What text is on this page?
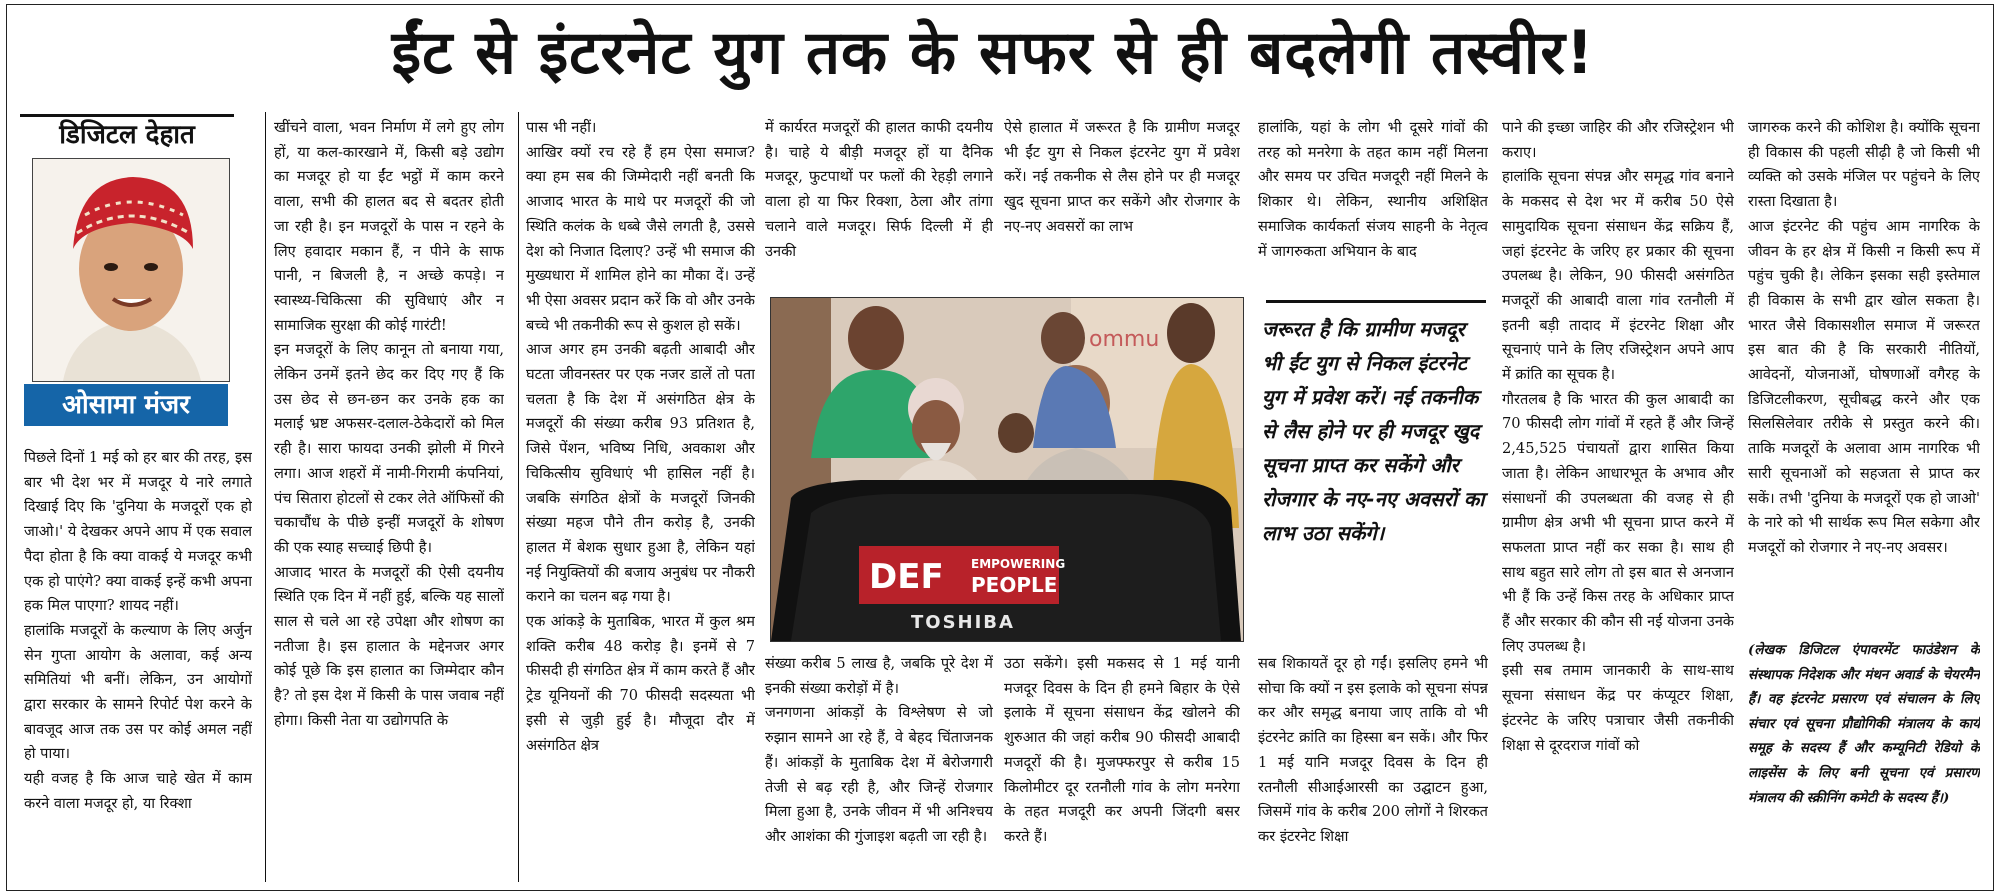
ईंट से इंटरनेट युग तक के सफर से ही बदलेगी तस्वीर!
डिजिटल देहात
ओसामा मंजर
पिछले दिनों 1 मई को हर बार की तरह, इस बार भी देश भर में मजदूर ये नारे लगाते दिखाई दिए कि 'दुनिया के मजदूरों एक हो जाओ।' ये देखकर अपने आप में एक सवाल पैदा होता है कि क्या वाकई ये मजदूर कभी एक हो पाएंगे? क्या वाकई इन्हें कभी अपना हक मिल पाएगा? शायद नहीं।
हालांकि मजदूरों के कल्याण के लिए अर्जुन सेन गुप्ता आयोग के अलावा, कई अन्य समितियां भी बनीं। लेकिन, उन आयोगों द्वारा सरकार के सामने रिपोर्ट पेश करने के बावजूद आज तक उस पर कोई अमल नहीं हो पाया।
यही वजह है कि आज चाहे खेत में काम करने वाला मजदूर हो, या रिक्शा
खींचने वाला, भवन निर्माण में लगे हुए लोग हों, या कल-कारखाने में, किसी बड़े उद्योग का मजदूर हो या ईंट भट्ठों में काम करने वाला, सभी की हालत बद से बदतर होती जा रही है। इन मजदूरों के पास न रहने के लिए हवादार मकान हैं, न पीने के साफ पानी, न बिजली है, न अच्छे कपड़े। न स्वास्थ्य-चिकित्सा की सुविधाएं और न सामाजिक सुरक्षा की कोई गारंटी!
इन मजदूरों के लिए कानून तो बनाया गया, लेकिन उनमें इतने छेद कर दिए गए हैं कि उस छेद से छन-छन कर उनके हक का मलाई भ्रष्ट अफसर-दलाल-ठेकेदारों को मिल रही है। सारा फायदा उनकी झोली में गिरने लगा। आज शहरों में नामी-गिरामी कंपनियां, पंच सितारा होटलों से टकर लेते ऑफिसों की चकाचौंध के पीछे इन्हीं मजदूरों के शोषण की एक स्याह सच्चाई छिपी है।
आजाद भारत के मजदूरों की ऐसी दयनीय स्थिति एक दिन में नहीं हुई, बल्कि यह सालों साल से चले आ रहे उपेक्षा और शोषण का नतीजा है। इस हालात के मद्देनजर अगर कोई पूछे कि इस हालात का जिम्मेदार कौन है? तो इस देश में किसी के पास जवाब नहीं होगा। किसी नेता या उद्योगपति के
पास भी नहीं।
आखिर क्यों रच रहे हैं हम ऐसा समाज? क्या हम सब की जिम्मेदारी नहीं बनती कि आजाद भारत के माथे पर मजदूरों की जो स्थिति कलंक के धब्बे जैसे लगती है, उससे देश को निजात दिलाए? उन्हें भी समाज की मुख्यधारा में शामिल होने का मौका दें। उन्हें भी ऐसा अवसर प्रदान करें कि वो और उनके बच्चे भी तकनीकी रूप से कुशल हो सकें।
आज अगर हम उनकी बढ़ती आबादी और घटता जीवनस्तर पर एक नजर डालें तो पता चलता है कि देश में असंगठित क्षेत्र के मजदूरों की संख्या करीब 93 प्रतिशत है, जिसे पेंशन, भविष्य निधि, अवकाश और चिकित्सीय सुविधाएं भी हासिल नहीं है। जबकि संगठित क्षेत्रों के मजदूरों जिनकी संख्या महज पौने तीन करोड़ है, उनकी हालत में बेशक सुधार हुआ है, लेकिन यहां नई नियुक्तियों की बजाय अनुबंध पर नौकरी कराने का चलन बढ़ गया है।
एक आंकड़े के मुताबिक, भारत में कुल श्रम शक्ति करीब 48 करोड़ है। इनमें से 7 फीसदी ही संगठित क्षेत्र में काम करते हैं और ट्रेड यूनियनों की 70 फीसदी सदस्यता भी इसी से जुड़ी हुई है। मौजूदा दौर में असंगठित क्षेत्र
में कार्यरत मजदूरों की हालत काफी दयनीय है। चाहे ये बीड़ी मजदूर हों या दैनिक मजदूर, फुटपाथों पर फलों की रेहड़ी लगाने वाला हो या फिर रिक्शा, ठेला और तांगा चलाने वाले मजदूर। सिर्फ दिल्ली में ही उनकी
संख्या करीब 5 लाख है, जबकि पूरे देश में इनकी संख्या करोड़ों में है।
जनगणना आंकड़ों के विश्लेषण से जो रुझान सामने आ रहे हैं, वे बेहद चिंताजनक हैं। आंकड़ों के मुताबिक देश में बेरोजगारी तेजी से बढ़ रही है, और जिन्हें रोजगार मिला हुआ है, उनके जीवन में भी अनिश्चय और आशंका की गुंजाइश बढ़ती जा रही है।
ऐसे हालात में जरूरत है कि ग्रामीण मजदूर भी ईंट युग से निकल इंटरनेट युग में प्रवेश करें। नई तकनीक से लैस होने पर ही मजदूर खुद सूचना प्राप्त कर सकेंगे और रोजगार के नए-नए अवसरों का लाभ
उठा सकेंगे। इसी मकसद से 1 मई यानी मजदूर दिवस के दिन ही हमने बिहार के ऐसे इलाके में सूचना संसाधन केंद्र खोलने की शुरुआत की जहां करीब 90 फीसदी आबादी मजदूरों की है। मुजफ्फरपुर से करीब 15 किलोमीटर दूर रतनौली गांव के लोग मनरेगा के तहत मजदूरी कर अपनी जिंदगी बसर करते हैं।
हालांकि, यहां के लोग भी दूसरे गांवों की तरह को मनरेगा के तहत काम नहीं मिलना और समय पर उचित मजदूरी नहीं मिलने के शिकार थे। लेकिन, स्थानीय अशिक्षित समाजिक कार्यकर्ता संजय साहनी के नेतृत्व में जागरुकता अभियान के बाद
सब शिकायतें दूर हो गईं। इसलिए हमने भी सोचा कि क्यों न इस इलाके को सूचना संपन्न कर और समृद्ध बनाया जाए ताकि वो भी इंटरनेट क्रांति का हिस्सा बन सकें। और फिर 1 मई यानि मजदूर दिवस के दिन ही रतनौली सीआईआरसी का उद्घाटन हुआ, जिसमें गांव के करीब 200 लोगों ने शिरकत कर इंटरनेट शिक्षा
पाने की इच्छा जाहिर की और रजिस्ट्रेशन भी कराए।
हालांकि सूचना संपन्न और समृद्ध गांव बनाने के मकसद से देश भर में करीब 50 ऐसे सामुदायिक सूचना संसाधन केंद्र सक्रिय हैं, जहां इंटरनेट के जरिए हर प्रकार की सूचना उपलब्ध है। लेकिन, 90 फीसदी असंगठित मजदूरों की आबादी वाला गांव रतनौली में इतनी बड़ी तादाद में इंटरनेट शिक्षा और सूचनाएं पाने के लिए रजिस्ट्रेशन अपने आप में क्रांति का सूचक है।
गौरतलब है कि भारत की कुल आबादी का 70 फीसदी लोग गांवों में रहते हैं और जिन्हें 2,45,525 पंचायतों द्वारा शासित किया जाता है। लेकिन आधारभूत के अभाव और संसाधनों की उपलब्धता की वजह से ही ग्रामीण क्षेत्र अभी भी सूचना प्राप्त करने में सफलता प्राप्त नहीं कर सका है। साथ ही साथ बहुत सारे लोग तो इस बात से अनजान भी हैं कि उन्हें किस तरह के अधिकार प्राप्त हैं और सरकार की कौन सी नई योजना उनके लिए उपलब्ध है।
इसी सब तमाम जानकारी के साथ-साथ सूचना संसाधन केंद्र पर कंप्यूटर शिक्षा, इंटरनेट के जरिए पत्राचार जैसी तकनीकी शिक्षा से दूरदराज गांवों को
जागरुक करने की कोशिश है। क्योंकि सूचना ही विकास की पहली सीढ़ी है जो किसी भी व्यक्ति को उसके मंजिल पर पहुंचने के लिए रास्ता दिखाता है।
आज इंटरनेट की पहुंच आम नागरिक के जीवन के हर क्षेत्र में किसी न किसी रूप में पहुंच चुकी है। लेकिन इसका सही इस्तेमाल ही विकास के सभी द्वार खोल सकता है। भारत जैसे विकासशील समाज में जरूरत इस बात की है कि सरकारी नीतियों, आवेदनों, योजनाओं, घोषणाओं वगैरह के डिजिटलीकरण, सूचीबद्ध करने और एक सिलसिलेवार तरीके से प्रस्तुत करने की। ताकि मजदूरों के अलावा आम नागरिक भी सारी सूचनाओं को सहजता से प्राप्त कर सकें। तभी 'दुनिया के मजदूरों एक हो जाओ' के नारे को भी सार्थक रूप मिल सकेगा और मजदूरों को रोजगार ने नए-नए अवसर।
(लेखक डिजिटल एंपावरमेंट फाउंडेशन के संस्थापक निदेशक और मंथन अवार्ड के चेयरमैन हैं। वह इंटरनेट प्रसारण एवं संचालन के लिए संचार एवं सूचना प्रौद्योगिकी मंत्रालय के कार्य समूह के सदस्य हैं और कम्यूनिटी रेडियो के लाइसेंस के लिए बनी सूचना एवं प्रसारण मंत्रालय की स्क्रीनिंग कमेटी के सदस्य हैं।)
ommu
DEF EMPOWERING
PEOPLE
TOSHIBA
जरूरत है कि ग्रामीण मजदूर भी ईंट युग से निकल इंटरनेट युग में प्रवेश करें। नई तकनीक से लैस होने पर ही मजदूर खुद सूचना प्राप्त कर सकेंगे और रोजगार के नए-नए अवसरों का लाभ उठा सकेंगे।
